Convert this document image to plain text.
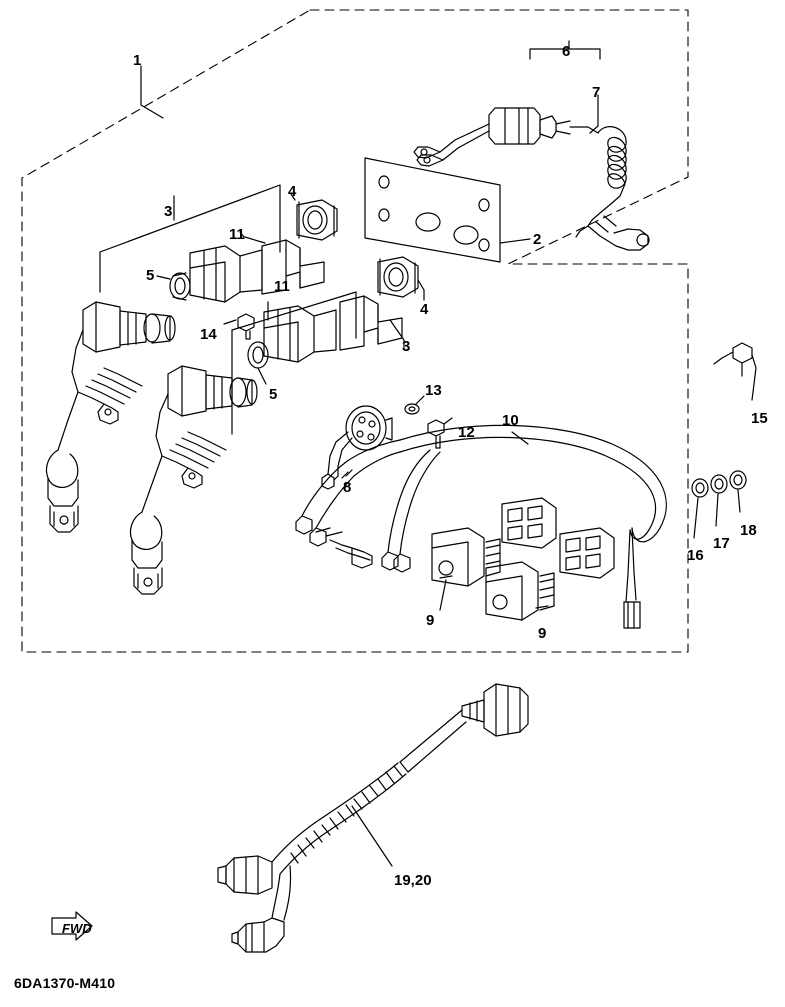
1
6
7
4
3
11	2
5
11
4
14
3
15
5	13
12
10
8
18
17
16
9
9
19,20
FWD
6DA1370-M410
